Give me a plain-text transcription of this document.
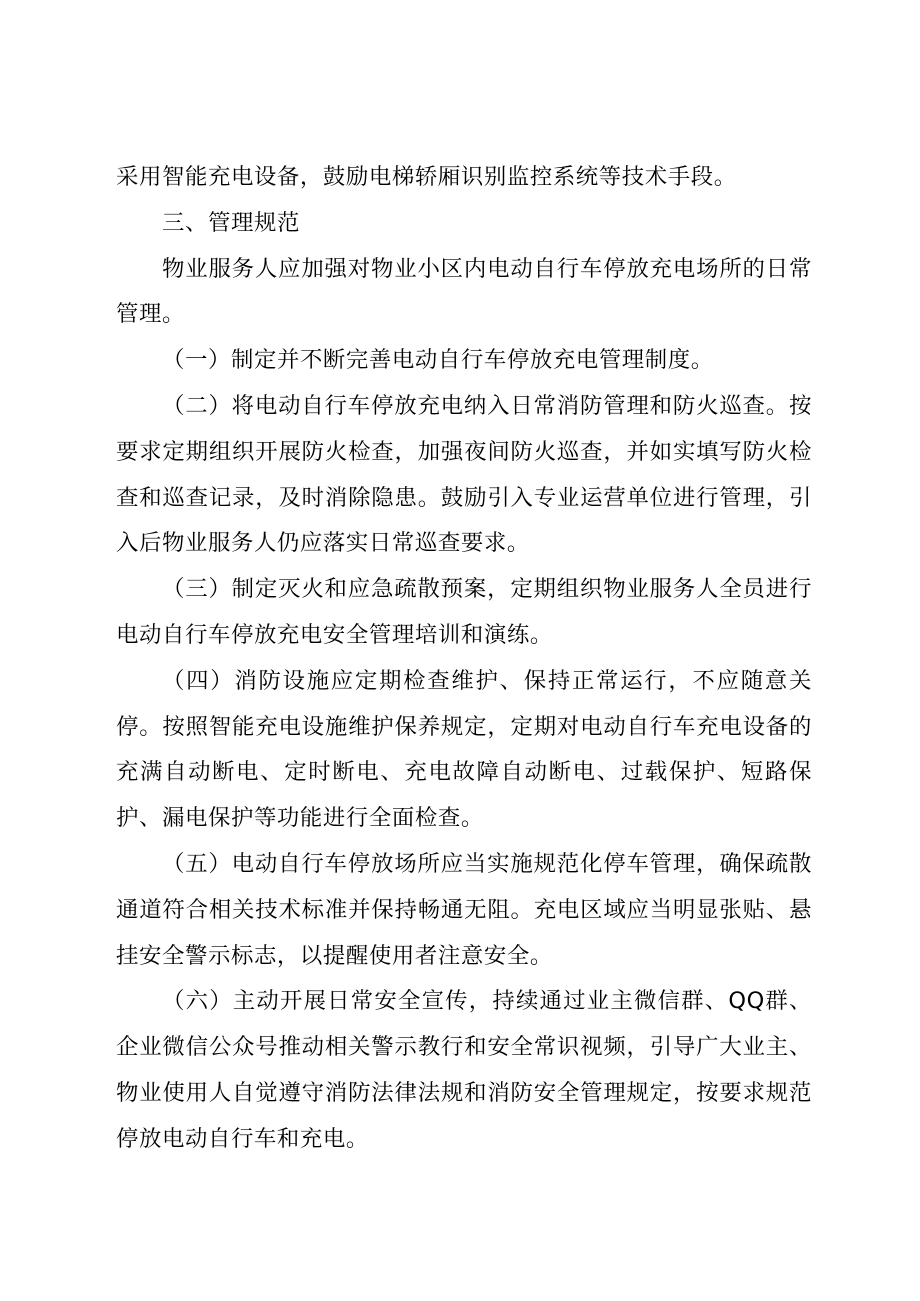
采用智能充电设备，鼓励电梯轿厢识别监控系统等技术手段。

三、管理规范

物业服务人应加强对物业小区内电动自行车停放充电场所的日常管理。

（一）制定并不断完善电动自行车停放充电管理制度。

（二）将电动自行车停放充电纳入日常消防管理和防火巡查。按要求定期组织开展防火检查，加强夜间防火巡查，并如实填写防火检查和巡查记录，及时消除隐患。鼓励引入专业运营单位进行管理，引入后物业服务人仍应落实日常巡查要求。

（三）制定灭火和应急疏散预案，定期组织物业服务人全员进行电动自行车停放充电安全管理培训和演练。

（四）消防设施应定期检查维护、保持正常运行，不应随意关停。按照智能充电设施维护保养规定，定期对电动自行车充电设备的充满自动断电、定时断电、充电故障自动断电、过载保护、短路保护、漏电保护等功能进行全面检查。

（五）电动自行车停放场所应当实施规范化停车管理，确保疏散通道符合相关技术标准并保持畅通无阻。充电区域应当明显张贴、悬挂安全警示标志，以提醒使用者注意安全。

（六）主动开展日常安全宣传，持续通过业主微信群、QQ群、企业微信公众号推动相关警示教行和安全常识视频，引导广大业主、物业使用人自觉遵守消防法律法规和消防安全管理规定，按要求规范停放电动自行车和充电。
